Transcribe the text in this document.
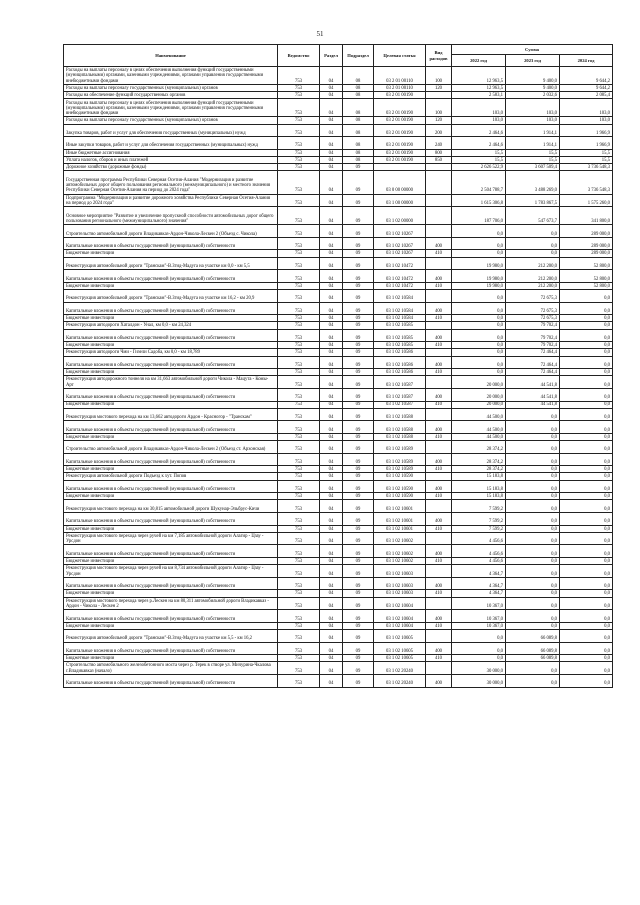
51
Наименование	Ведомство	Раздел	Подраздел	Целевая статья	Вид расходов	Сумма		
						2022 год	2023 год	2024 год
Расходы на выплаты персоналу в целях обеспечения выполнения функций государственными (муниципальными) органами, казенными учреждениями, органами управления государственными внебюджетными фондами	753	04	08	03 2 01 00110	100	12 963,5	9 400,0	9 644,2
Расходы на выплаты персоналу государственных (муниципальных) органов	753	04	08	03 2 01 00110	120	12 963,5	9 400,0	9 644,2
Расходы на обеспечение функций государственных органов	753	04	08	03 2 01 00190		2 583,1	2 032,6	2 085,4
Расходы на выплаты персоналу в целях обеспечения выполнения функций государственными (муниципальными) органами, казенными учреждениями, органами управления государственными внебюджетными фондами	753	04	08	03 2 01 00190	100	103,0	103,0	103,0
Расходы на выплаты персоналу государственных (муниципальных) органов	753	04	08	03 2 01 00190	120	103,0	103,0	103,0
Закупка товаров, работ и услуг для обеспечения государственных (муниципальных) нужд	753	04	08	03 2 01 00190	200	2 464,6	1 914,1	1 966,9
Иные закупки товаров, работ и услуг для обеспечения государственных (муниципальных) нужд	753	04	08	03 2 01 00190	240	2 464,6	1 914,1	1 966,9
Иные бюджетные ассигнования	753	04	08	03 2 01 00190	800	15,5	15,5	15,5
Уплата налогов, сборов и иных платежей	753	04	08	03 2 01 00190	850	15,5	15,5	15,5
Дорожное хозяйство (дорожные фонды)	753	04	09			2 626 522,9	3 607 509,4	3 736 548,3
Государственная программа Республики Северная Осетия-Алания "Модернизация и развитие автомобильных дорог общего пользования регионального (межмуниципального) и местного значения Республики Северная Осетия-Алания на период до 2024 года"	753	04	09	03 0 00 00000		2 504 788,7	3 488 269,0	3 736 548,3
Подпрограмма "Модернизация и развитие дорожного хозяйства Республики Северная Осетия-Алания на период до 2024 года"	753	04	09	03 1 00 00000		1 615 306,8	1 783 867,5	1 575 260,0
Основное мероприятие "Развитие и увеличение пропускной способности автомобильных дорог общего пользования регионального (межмуниципального) значения"	753	04	09	03 1 02 00000		187 706,0	547 673,7	341 800,0
Строительство автомобильной дороги Владикавказ-Ардон-Чикола-Лескен 2 (Объезд с. Чикола)	753	04	09	03 1 02 10267		0,0	0,0	289 000,0
Капитальные вложения в объекты государственной (муниципальной) собственности	753	04	09	03 1 02 10267	400	0,0	0,0	289 000,0
Бюджетные инвестиции	753	04	09	03 1 02 10267	410	0,0	0,0	289 000,0
Реконструкция автомобильной дороги "Транскам"-В.Згид-Мадуга на участке км 0,0 - км 5,5	753	04	09	03 1 02 10472		19 980,0	212 200,0	52 800,0
Капитальные вложения в объекты государственной (муниципальной) собственности	753	04	09	03 1 02 10472	400	19 980,0	212 200,0	52 800,0
Бюджетные инвестиции	753	04	09	03 1 02 10472	410	19 980,0	212 200,0	52 800,0
Реконструкция автомобильной дороги "Транскам"-В.Згид-Мадуга на участке км 16,2 - км 20,9	753	04	09	03 1 02 10584		0,0	72 675,3	0,0
Капитальные вложения в объекты государственной (муниципальной) собственности	753	04	09	03 1 02 10584	400	0,0	72 675,3	0,0
Бюджетные инвестиции	753	04	09	03 1 02 10584	410	0,0	72 675,3	0,0
Реконструкция автодороги Хаталдон - Унал, км 0,0 - км 24,324	753	04	09	03 1 02 10585		0,0	79 702,4	0,0
Капитальные вложения в объекты государственной (муниципальной) собственности	753	04	09	03 1 02 10585	400	0,0	79 702,4	0,0
Бюджетные инвестиции	753	04	09	03 1 02 10585	410	0,0	79 702,4	0,0
Реконструкция автодороги Чми - Гизели Садоба, км 0,0 - км 18,789	753	04	09	03 1 02 10586		0,0	72 464,4	0,0
Капитальные вложения в объекты государственной (муниципальной) собственности	753	04	09	03 1 02 10586	400	0,0	72 464,4	0,0
Бюджетные инвестиции	753	04	09	03 1 02 10586	410	0,0	72 464,4	0,0
Реконструкция автодорожного тоннеля на км 31,663 автомобильной дороги Чикола - Мацута - Комы-Арт	753	04	09	03 1 02 10587		20 000,0	44 541,8	0,0
Капитальные вложения в объекты государственной (муниципальной) собственности	753	04	09	03 1 02 10587	400	20 000,0	44 541,8	0,0
Бюджетные инвестиции	753	04	09	03 1 02 10587	410	20 000,0	44 541,8	0,0
Реконструкция мостового перехода на км 13,662 автодороги Ардон - Красногор - "Транскам"	753	04	09	03 1 02 10588		44 500,0	0,0	0,0
Капитальные вложения в объекты государственной (муниципальной) собственности	753	04	09	03 1 02 10588	400	44 500,0	0,0	0,0
Бюджетные инвестиции	753	04	09	03 1 02 10588	410	44 500,0	0,0	0,0
Строительство автомобильной дороги Владикавказ-Ардон-Чикола-Лескен 2 (Объезд ст. Архонская)	753	04	09	03 1 02 10589		28 374,2	0,0	0,0
Капитальные вложения в объекты государственной (муниципальной) собственности	753	04	09	03 1 02 10589	400	28 374,2	0,0	0,0
Бюджетные инвестиции	753	04	09	03 1 02 10589	410	28 374,2	0,0	0,0
Реконструкция автомобильной дороги Подъезд к хут. Попов	753	04	09	03 1 02 10590		15 183,8	0,0	0,0
Капитальные вложения в объекты государственной (муниципальной) собственности	753	04	09	03 1 02 10590	400	15 183,8	0,0	0,0
Бюджетные инвестиции	753	04	09	03 1 02 10590	410	15 183,8	0,0	0,0
Реконструкция мостового перехода на км 30,815 автомобильной дороги Шукунар-Эльбрус-Кичи	753	04	09	03 1 02 10601		7 599,2	0,0	0,0
Капитальные вложения в объекты государственной (муниципальной) собственности	753	04	09	03 1 02 10601	400	7 599,2	0,0	0,0
Бюджетные инвестиции	753	04	09	03 1 02 10601	410	7 599,2	0,0	0,0
Реконструкция мостового перехода через ручей на км 7,185 автомобильной дороги Алагир - Цзау - Урсдон	753	04	09	03 1 02 10602		4 456,6	0,0	0,0
Капитальные вложения в объекты государственной (муниципальной) собственности	753	04	09	03 1 02 10602	400	4 456,6	0,0	0,0
Бюджетные инвестиции	753	04	09	03 1 02 10602	410	4 456,6	0,0	0,0
Реконструкция мостового перехода через ручей на км 8,734 автомобильной дороги Алагир - Цзау - Урсдон	753	04	09	03 1 02 10603		4 364,7	0,0	0,0
Капитальные вложения в объекты государственной (муниципальной) собственности	753	04	09	03 1 02 10603	400	4 364,7	0,0	0,0
Бюджетные инвестиции	753	04	09	03 1 02 10603	410	4 364,7	0,0	0,0
Реконструкция мостового перехода через р.Лескен на км 80,311 автомобильной дороги Владикавказ - Ардон - Чикола - Лескен 2	753	04	09	03 1 02 10604		10 367,0	0,0	0,0
Капитальные вложения в объекты государственной (муниципальной) собственности	753	04	09	03 1 02 10604	400	10 367,0	0,0	0,0
Бюджетные инвестиции	753	04	09	03 1 02 10604	410	10 367,0	0,0	0,0
Реконструкция автомобильной дороги "Транскам"-В.Згид-Мадуга на участке км 5,5 - км 16,2	753	04	09	03 1 02 10605		0,0	66 089,8	0,0
Капитальные вложения в объекты государственной (муниципальной) собственности	753	04	09	03 1 02 10605	400	0,0	66 089,8	0,0
Бюджетные инвестиции	753	04	09	03 1 02 10605	410	0,0	66 089,8	0,0
Строительство автомобильного железобетонного моста через р. Терек в створе ул. Мичурина-Чкалова г.Владикавказ (начало)	753	04	09	03 1 02 20240		30 000,0	0,0	0,0
Капитальные вложения в объекты государственной (муниципальной) собственности	753	04	09	03 1 02 20240	400	30 000,0	0,0	0,0
